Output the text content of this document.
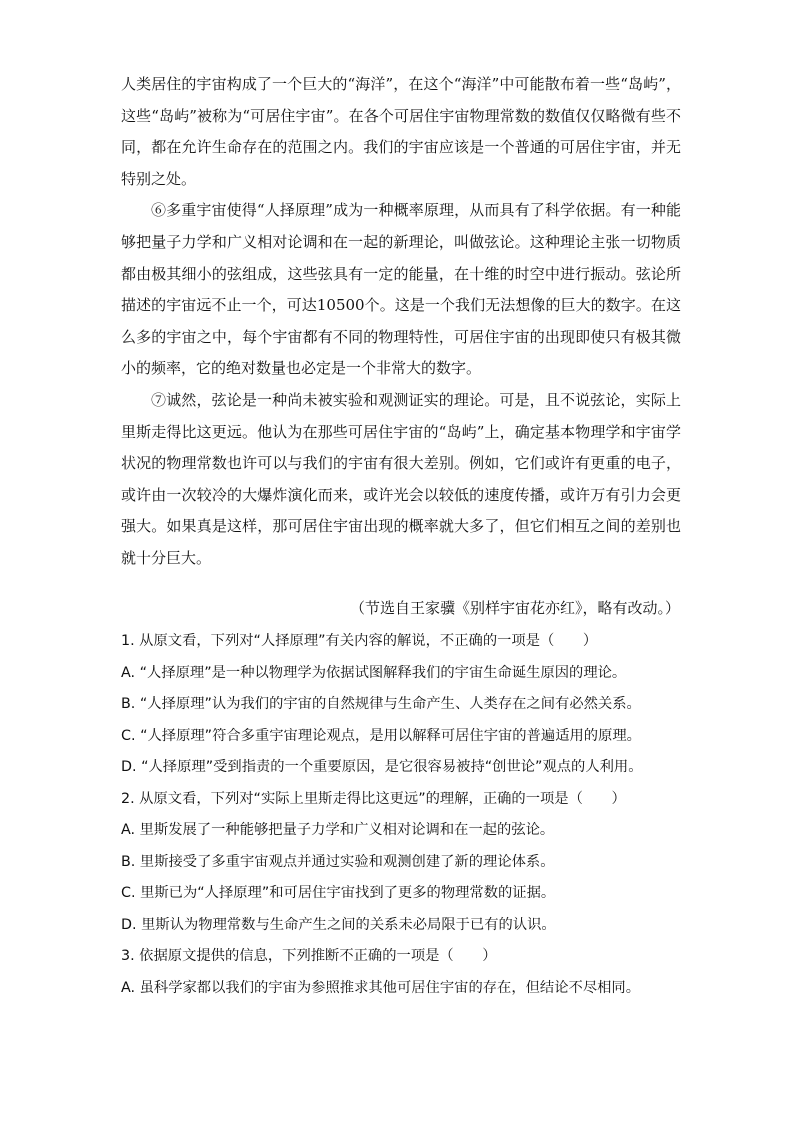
人类居住的宇宙构成了一个巨大的“海洋”，在这个“海洋”中可能散布着一些“岛屿”，这些“岛屿”被称为“可居住宇宙”。在各个可居住宇宙物理常数的数值仅仅略微有些不同，都在允许生命存在的范围之内。我们的宇宙应该是一个普通的可居住宇宙，并无特别之处。

⑥多重宇宙使得“人择原理”成为一种概率原理，从而具有了科学依据。有一种能够把量子力学和广义相对论调和在一起的新理论，叫做弦论。这种理论主张一切物质都由极其细小的弦组成，这些弦具有一定的能量，在十维的时空中进行振动。弦论所描述的宇宙远不止一个，可达10500个。这是一个我们无法想像的巨大的数字。在这么多的宇宙之中，每个宇宙都有不同的物理特性，可居住宇宙的出现即使只有极其微小的频率，它的绝对数量也必定是一个非常大的数字。

⑦诚然，弦论是一种尚未被实验和观测证实的理论。可是，且不说弦论，实际上里斯走得比这更远。他认为在那些可居住宇宙的“岛屿”上，确定基本物理学和宇宙学状况的物理常数也许可以与我们的宇宙有很大差别。例如，它们或许有更重的电子，或许由一次较冷的大爆炸演化而来，或许光会以较低的速度传播，或许万有引力会更强大。如果真是这样，那可居住宇宙出现的概率就大多了，但它们相互之间的差别也就十分巨大。

（节选自王家骥《别样宇宙花亦红》，略有改动。）
1. 从原文看，下列对“人择原理”有关内容的解说，不正确的一项是（　　）
A. “人择原理”是一种以物理学为依据试图解释我们的宇宙生命诞生原因的理论。
B. “人择原理”认为我们的宇宙的自然规律与生命产生、人类存在之间有必然关系。
C. “人择原理”符合多重宇宙理论观点，是用以解释可居住宇宙的普遍适用的原理。
D. “人择原理”受到指责的一个重要原因，是它很容易被持“创世论”观点的人利用。
2. 从原文看，下列对“实际上里斯走得比这更远”的理解，正确的一项是（　　）
A. 里斯发展了一种能够把量子力学和广义相对论调和在一起的弦论。
B. 里斯接受了多重宇宙观点并通过实验和观测创建了新的理论体系。
C. 里斯已为“人择原理”和可居住宇宙找到了更多的物理常数的证据。
D. 里斯认为物理常数与生命产生之间的关系未必局限于已有的认识。
3. 依据原文提供的信息，下列推断不正确的一项是（　　）
A. 虽科学家都以我们的宇宙为参照推求其他可居住宇宙的存在，但结论不尽相同。
